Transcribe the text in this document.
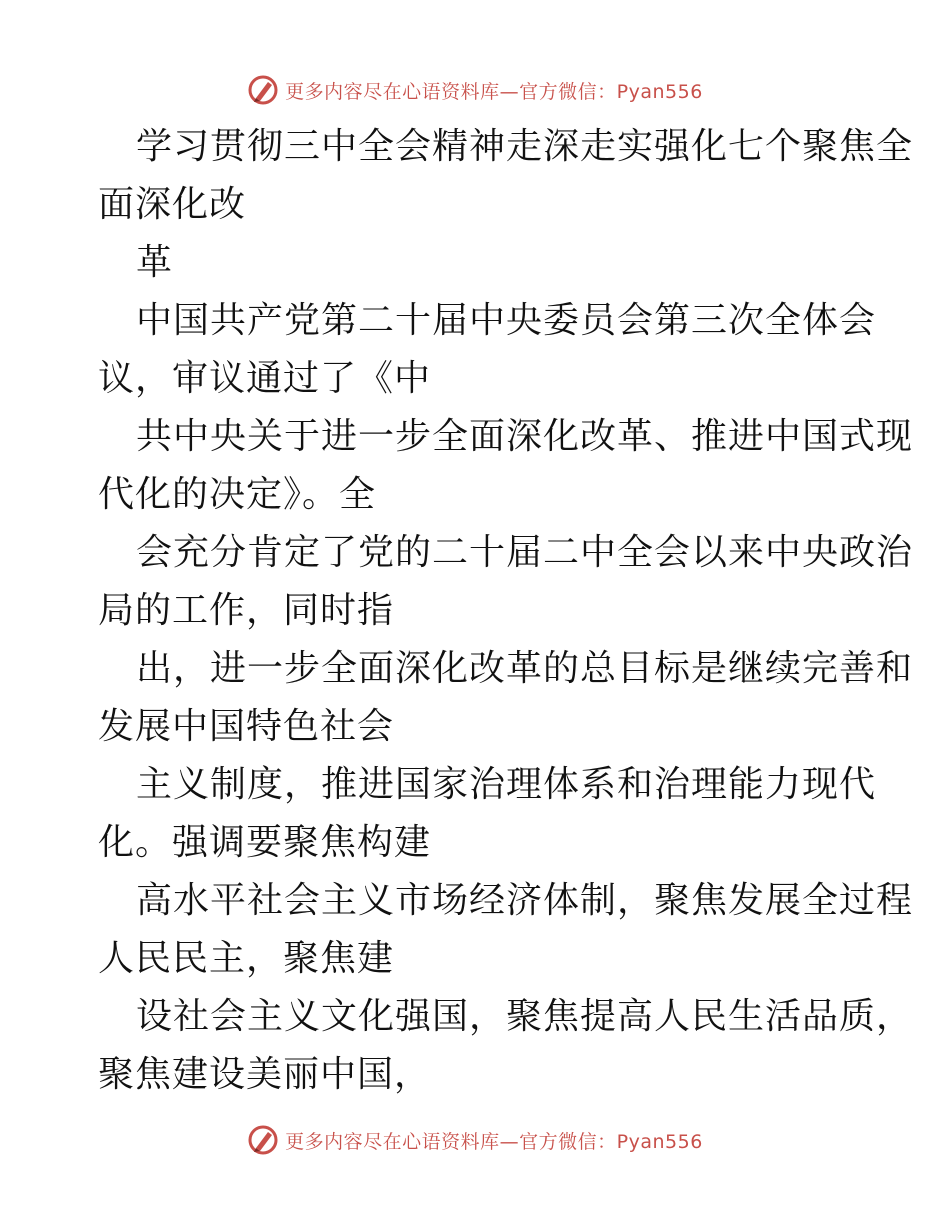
更多内容尽在心语资料库—官方微信：Pyan556
学习贯彻三中全会精神走深走实强化七个聚焦全
面深化改
革
中国共产党第二十届中央委员会第三次全体会
议，审议通过了《中
共中央关于进一步全面深化改革、推进中国式现
代化的决定》。全
会充分肯定了党的二十届二中全会以来中央政治
局的工作，同时指
出，进一步全面深化改革的总目标是继续完善和
发展中国特色社会
主义制度，推进国家治理体系和治理能力现代
化。强调要聚焦构建
高水平社会主义市场经济体制，聚焦发展全过程
人民民主，聚焦建
设社会主义文化强国，聚焦提高人民生活品质，
聚焦建设美丽中国，
更多内容尽在心语资料库—官方微信：Pyan556
